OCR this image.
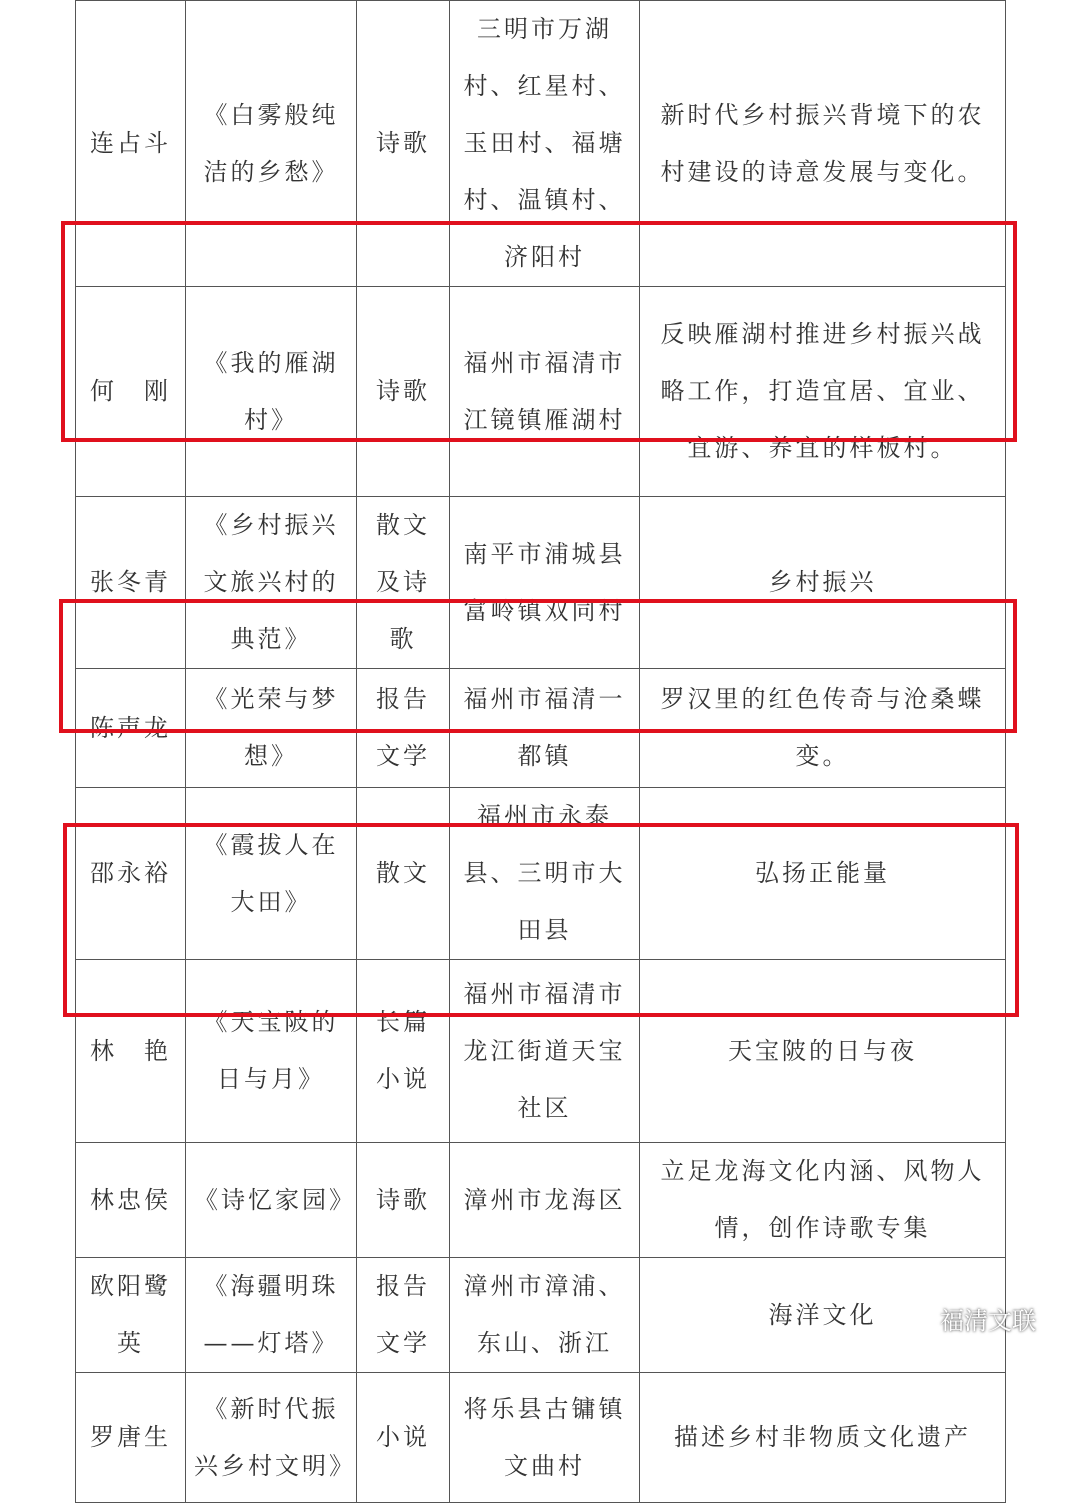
连占斗	《白雾般纯洁的乡愁》	诗歌	三明市万湖村、红星村、玉田村、福塘村、温镇村、济阳村	新时代乡村振兴背境下的农村建设的诗意发展与变化。

何　刚	《我的雁湖村》	诗歌	福州市福清市江镜镇雁湖村	反映雁湖村推进乡村振兴战略工作，打造宜居、宜业、宜游、养宜的样板村。

张冬青	《乡村振兴文旅兴村的典范》	散文及诗歌	南平市浦城县富岭镇双同村	乡村振兴

陈声龙	《光荣与梦想》	报告文学	福州市福清一都镇	罗汉里的红色传奇与沧桑蝶变。

邵永裕	《霞拔人在大田》	散文	福州市永泰县、三明市大田县	弘扬正能量

林　艳	《天宝陂的日与月》	长篇小说	福州市福清市龙江街道天宝社区	天宝陂的日与夜

林忠侯	《诗忆家园》	诗歌	漳州市龙海区	立足龙海文化内涵、风物人情，创作诗歌专集

欧阳鹭英	《海疆明珠——灯塔》	报告文学	漳州市漳浦、东山、浙江	海洋文化

罗唐生	《新时代振兴乡村文明》	小说	将乐县古镛镇文曲村	描述乡村非物质文化遗产
福清文联
